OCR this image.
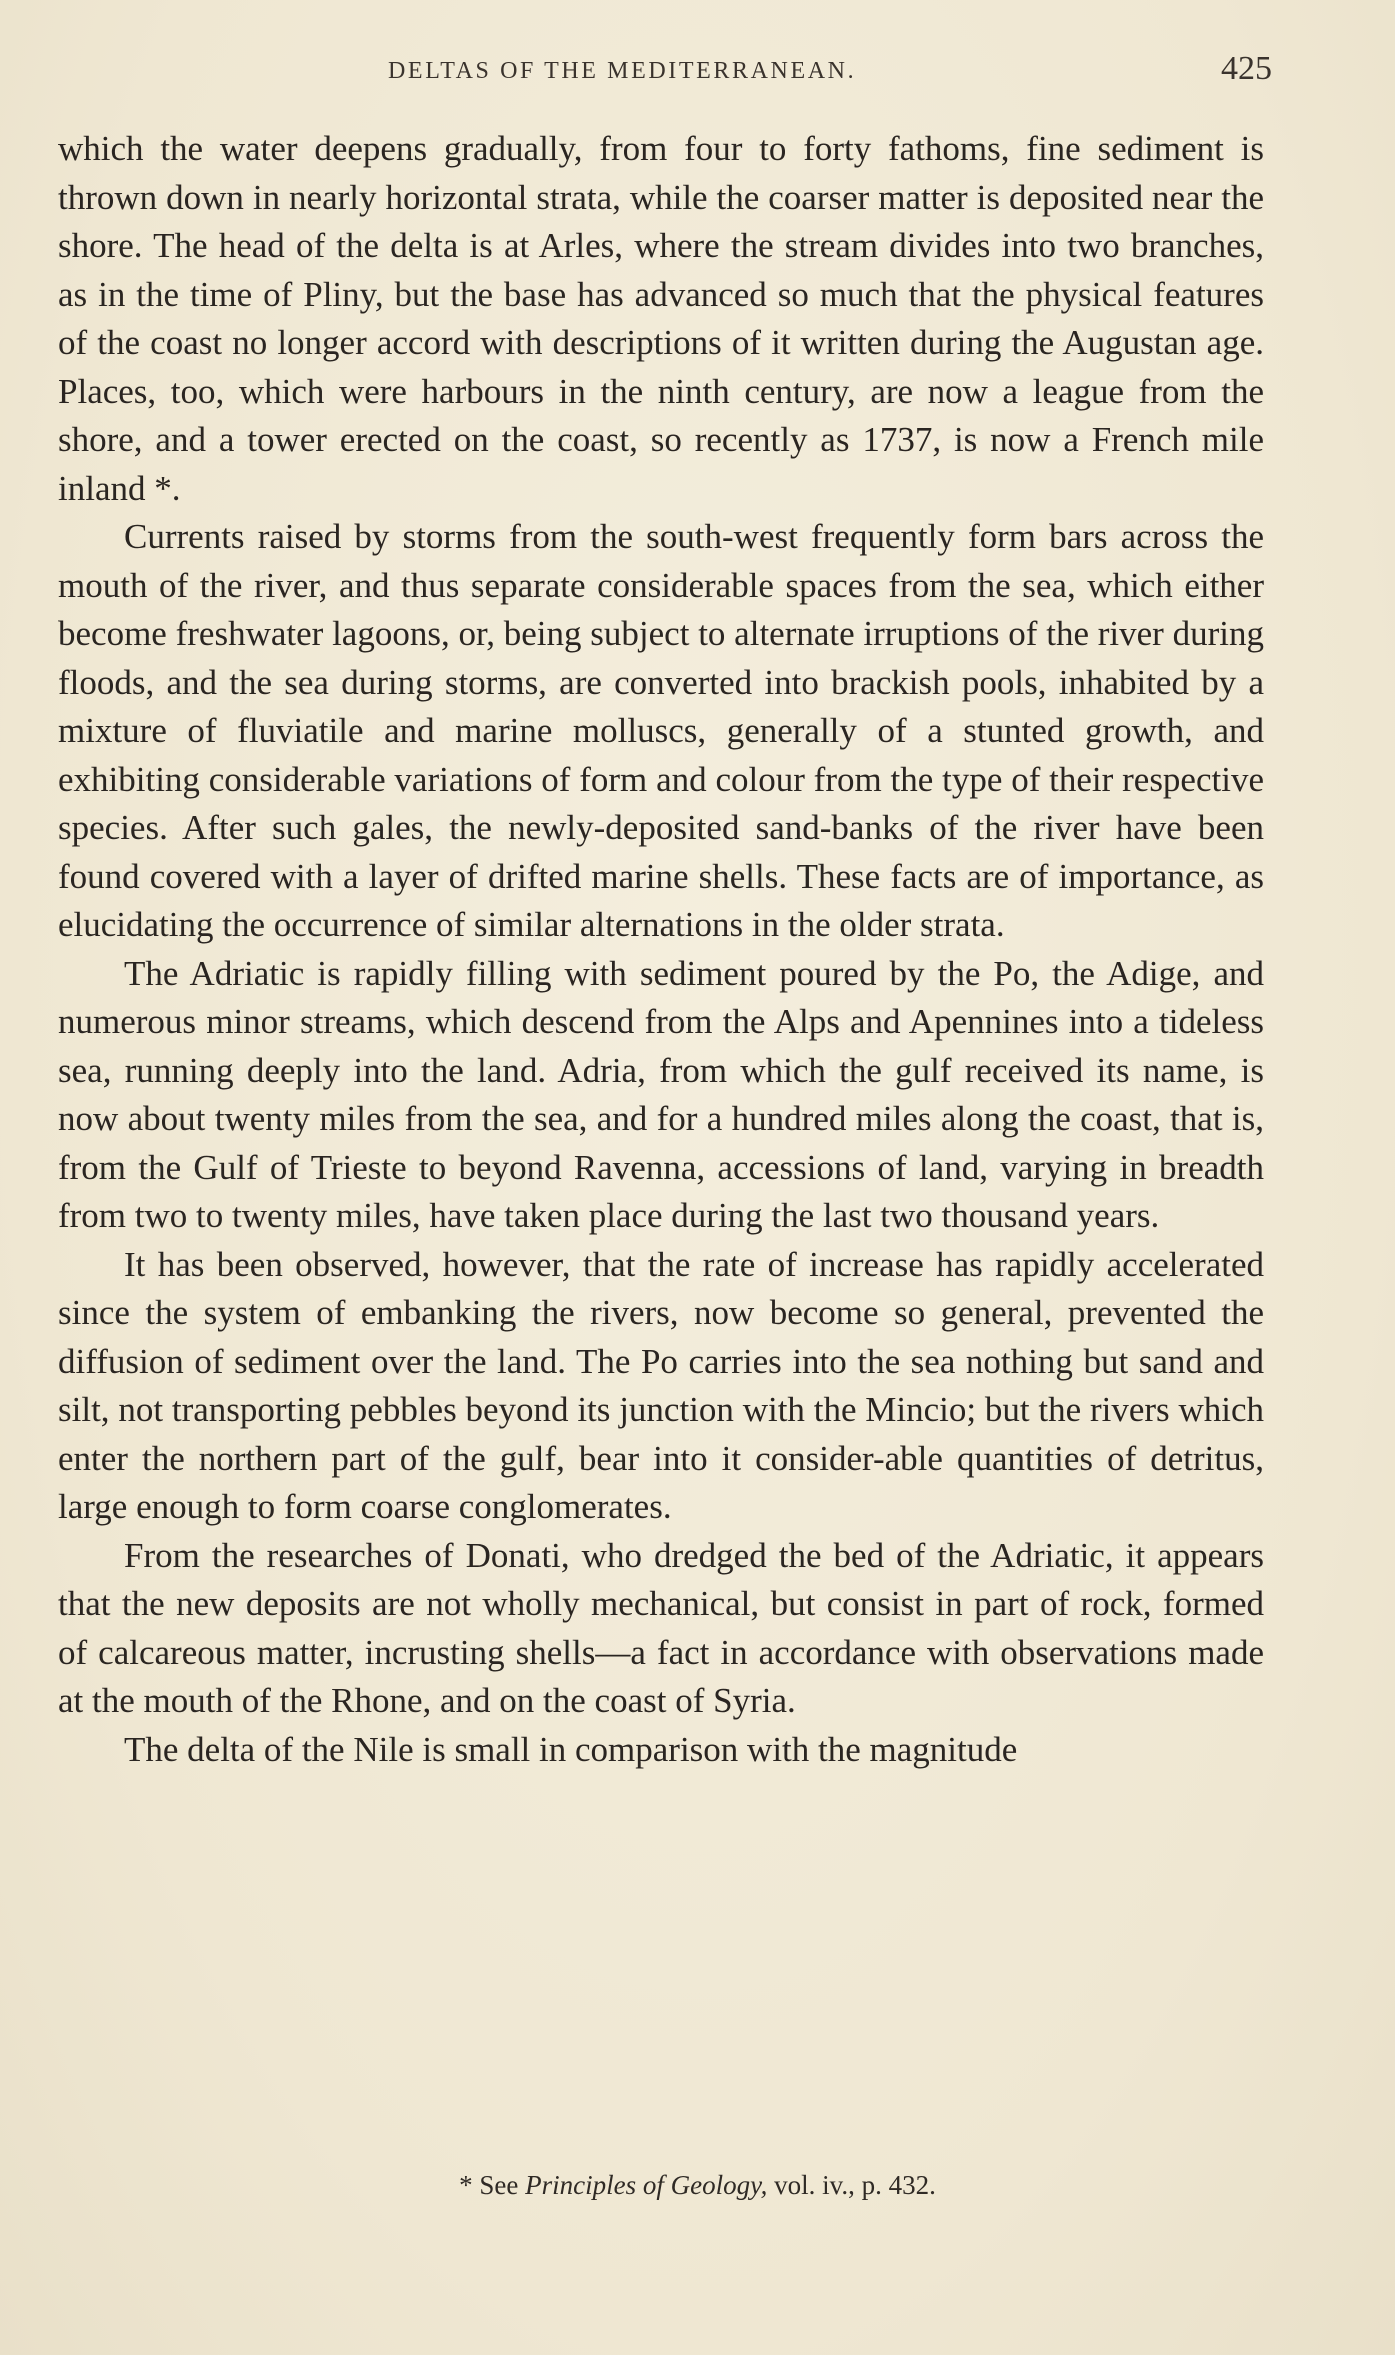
DELTAS OF THE MEDITERRANEAN.	425

which the water deepens gradually, from four to forty fathoms, fine sediment is thrown down in nearly horizontal strata, while the coarser matter is deposited near the shore. The head of the delta is at Arles, where the stream divides into two branches, as in the time of Pliny, but the base has advanced so much that the physical features of the coast no longer accord with descriptions of it written during the Augustan age. Places, too, which were harbours in the ninth century, are now a league from the shore, and a tower erected on the coast, so recently as 1737, is now a French mile inland *.

Currents raised by storms from the south-west frequently form bars across the mouth of the river, and thus separate considerable spaces from the sea, which either become freshwater lagoons, or, being subject to alternate irruptions of the river during floods, and the sea during storms, are converted into brackish pools, inhabited by a mixture of fluviatile and marine molluscs, generally of a stunted growth, and exhibiting considerable variations of form and colour from the type of their respective species. After such gales, the newly-deposited sand-banks of the river have been found covered with a layer of drifted marine shells. These facts are of importance, as elucidating the occurrence of similar alternations in the older strata.

The Adriatic is rapidly filling with sediment poured by the Po, the Adige, and numerous minor streams, which descend from the Alps and Apennines into a tideless sea, running deeply into the land. Adria, from which the gulf received its name, is now about twenty miles from the sea, and for a hundred miles along the coast, that is, from the Gulf of Trieste to beyond Ravenna, accessions of land, varying in breadth from two to twenty miles, have taken place during the last two thousand years.

It has been observed, however, that the rate of increase has rapidly accelerated since the system of embanking the rivers, now become so general, prevented the diffusion of sediment over the land. The Po carries into the sea nothing but sand and silt, not transporting pebbles beyond its junction with the Mincio; but the rivers which enter the northern part of the gulf, bear into it consider-able quantities of detritus, large enough to form coarse conglomerates.

From the researches of Donati, who dredged the bed of the Adriatic, it appears that the new deposits are not wholly mechanical, but consist in part of rock, formed of calcareous matter, incrusting shells—a fact in accordance with observations made at the mouth of the Rhone, and on the coast of Syria.

The delta of the Nile is small in comparison with the magnitude

* See Principles of Geology, vol. iv., p. 432.
